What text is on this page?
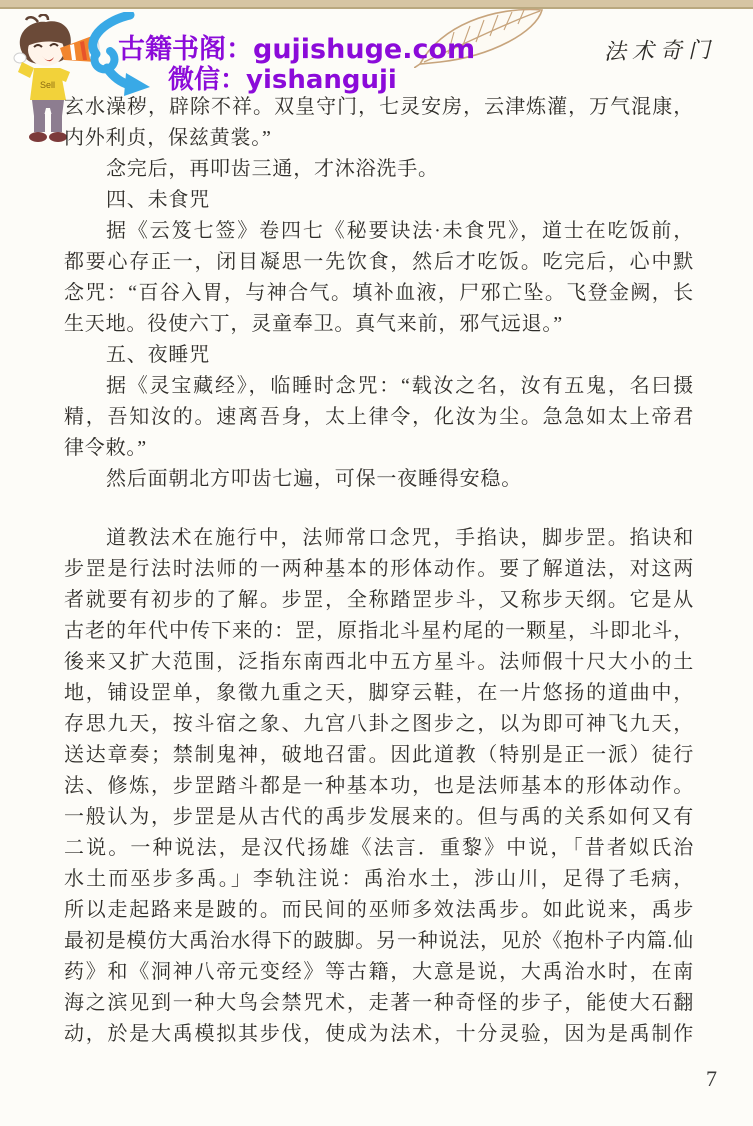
Sell
古籍书阁：gujishuge.com
微信：yishanguji
法术奇门
玄水澡秽，辟除不祥。双皇守门，七灵安房，云津炼灌，万气混康，
内外利贞，保兹黄裳。”
念完后，再叩齿三通，才沐浴洗手。
四、未食咒
据《云笈七签》卷四七《秘要诀法·未食咒》，道士在吃饭前，
都要心存正一，闭目凝思一先饮食，然后才吃饭。吃完后，心中默
念咒：“百谷入胃，与神合气。填补血液，尸邪亡坠。飞登金阙，长
生天地。役使六丁，灵童奉卫。真气来前，邪气远退。”
五、夜睡咒
据《灵宝藏经》，临睡时念咒：“载汝之名，汝有五鬼，名曰摄
精，吾知汝的。速离吾身，太上律令，化汝为尘。急急如太上帝君
律令敕。”
然后面朝北方叩齿七遍，可保一夜睡得安稳。
道教法术在施行中，法师常口念咒，手掐诀，脚步罡。掐诀和
步罡是行法时法师的一两种基本的形体动作。要了解道法，对这两
者就要有初步的了解。步罡，全称踏罡步斗，又称步天纲。它是从
古老的年代中传下来的：罡，原指北斗星杓尾的一颗星，斗即北斗，
後来又扩大范围，泛指东南西北中五方星斗。法师假十尺大小的土
地，铺设罡单，象徵九重之天，脚穿云鞋，在一片悠扬的道曲中，
存思九天，按斗宿之象、九宫八卦之图步之，以为即可神飞九天，
送达章奏；禁制鬼神，破地召雷。因此道教（特别是正一派）徒行
法、修炼，步罡踏斗都是一种基本功，也是法师基本的形体动作。
一般认为，步罡是从古代的禹步发展来的。但与禹的关系如何又有
二说。一种说法，是汉代扬雄《法言．重黎》中说，「昔者姒氏治
水土而巫步多禹。」李轨注说：禹治水土，涉山川，足得了毛病，
所以走起路来是跛的。而民间的巫师多效法禹步。如此说来，禹步
最初是模仿大禹治水得下的跛脚。另一种说法，见於《抱朴子内篇.仙
药》和《洞神八帝元变经》等古籍，大意是说，大禹治水时，在南
海之滨见到一种大鸟会禁咒术，走著一种奇怪的步子，能使大石翻
动，於是大禹模拟其步伐，使成为法术，十分灵验，因为是禹制作
7
